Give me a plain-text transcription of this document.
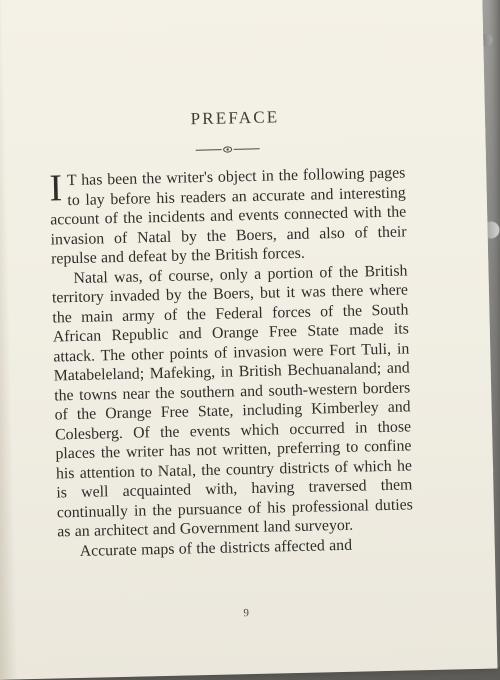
PREFACE

I T has been the writer's object in the following pages to lay before his readers an accurate and interesting account of the incidents and events connected with the invasion of Natal by the Boers, and also of their repulse and defeat by the British forces.

Natal was, of course, only a portion of the British territory invaded by the Boers, but it was there where the main army of the Federal forces of the South African Republic and Orange Free State made its attack. The other points of invasion were Fort Tuli, in Matabeleland; Mafeking, in British Bechuanaland; and the towns near the southern and south-western borders of the Orange Free State, including Kimberley and Colesberg. Of the events which occurred in those places the writer has not written, preferring to confine his attention to Natal, the country districts of which he is well acquainted with, having traversed them continually in the pursuance of his professional duties as an architect and Government land surveyor.

Accurate maps of the districts affected and

9
